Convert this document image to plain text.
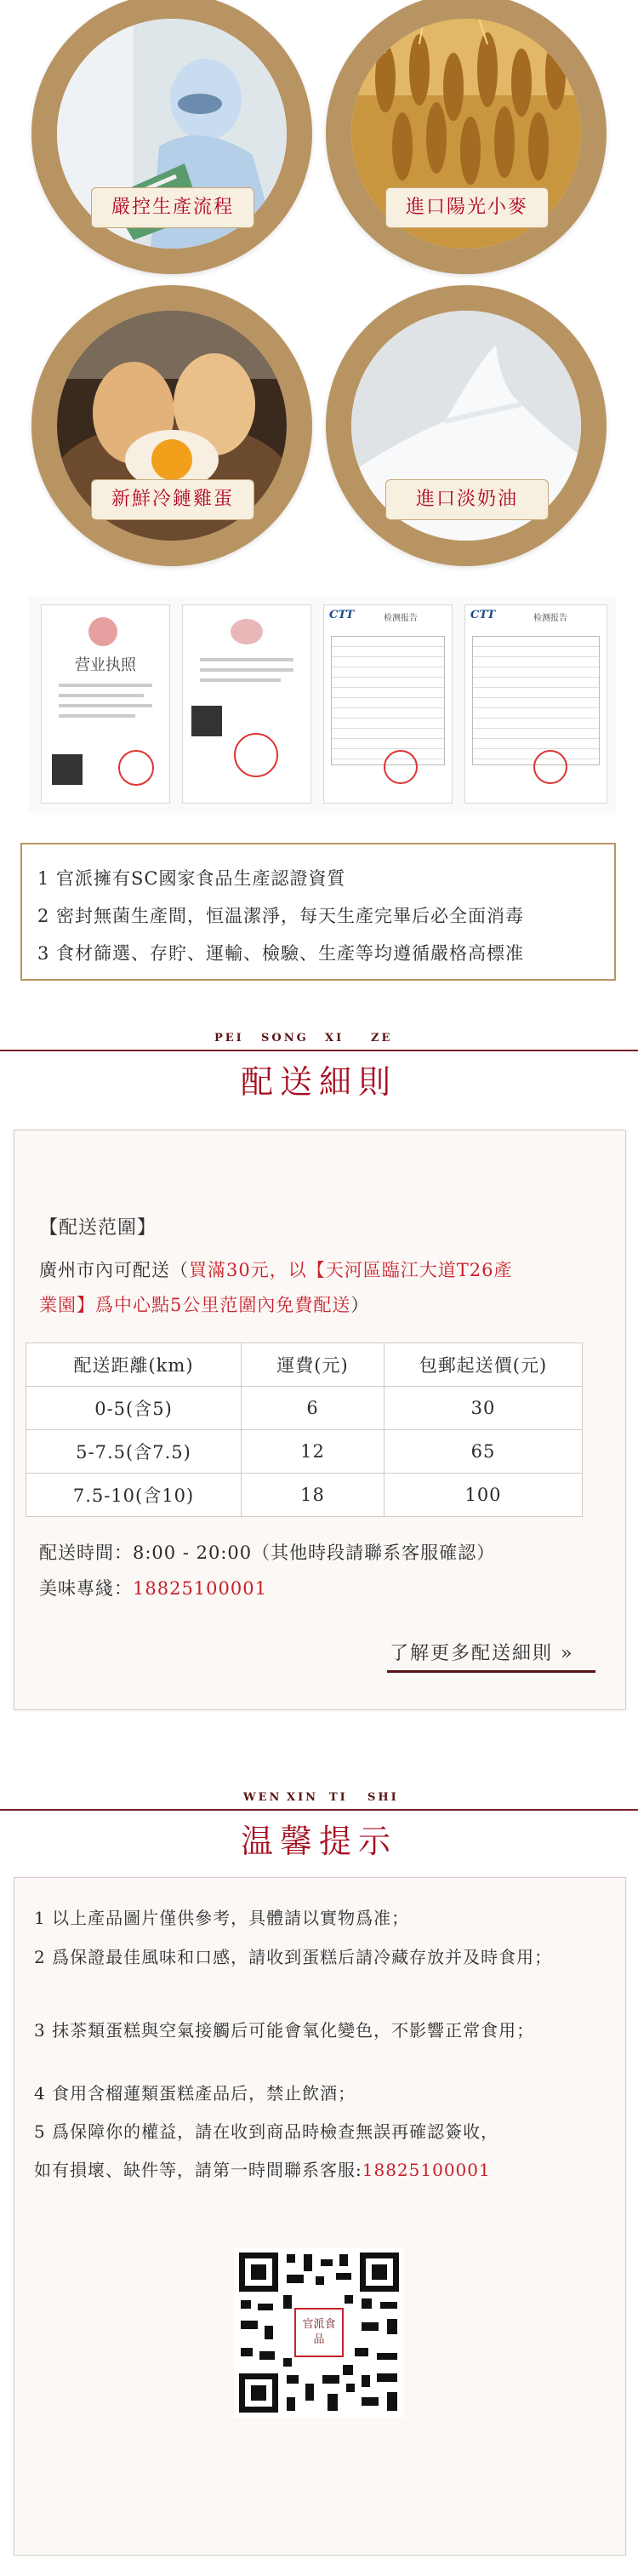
嚴控生產流程	進口陽光小麥
新鮮冷鏈雞蛋	進口淡奶油
营业执照
CTT	检测报告	CTT	检测报告

1 官派擁有SC國家食品生產認證資質

2 密封無菌生產間，恒温潔淨，每天生產完畢后必全面消毒

3 食材篩選、存貯、運輸、檢驗、生產等均遵循嚴格高標准

PEI SONG XI ZE
配送細則
【配送范圍】
廣州市內可配送（買滿30元，以【天河區臨江大道T26產
業園】爲中心點5公里范圍內免費配送）
配送距離(km)	運費(元)	包郵起送價(元)
0-5(含5)	6	30
5-7.5(含7.5)	12	65
7.5-10(含10)	18	100
配送時間：8:00 - 20:00（其他時段請聯系客服確認）
美味專綫：18825100001
了解更多配送細則 »
WEN XIN TI SHI
温馨提示
1 以上產品圖片僅供參考，具體請以實物爲准；
2 爲保證最佳風味和口感，請收到蛋糕后請冷藏存放并及時食用；
3 抹茶類蛋糕與空氣接觸后可能會氧化變色，不影響正常食用；
4 食用含榴蓮類蛋糕產品后，禁止飲酒；
5 爲保障你的權益，請在收到商品時檢查無誤再確認簽收，
如有損壞、缺件等，請第一時間聯系客服:18825100001
官派食品
